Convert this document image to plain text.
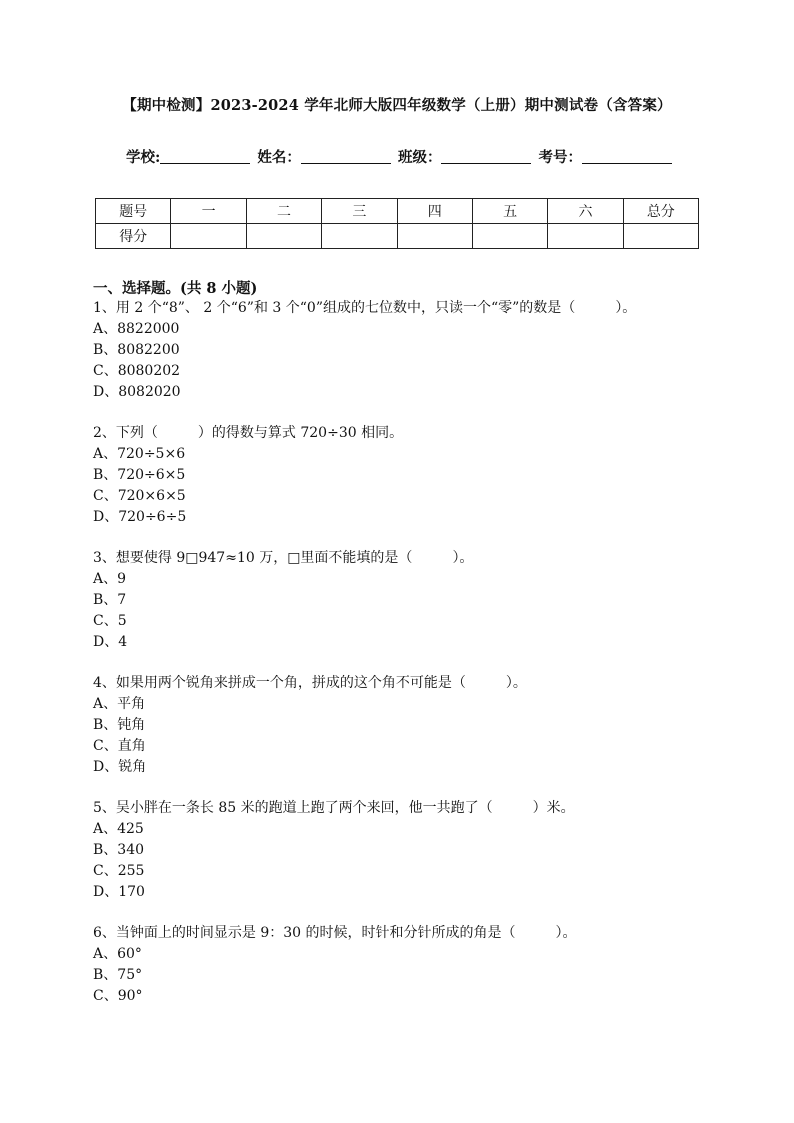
【期中检测】2023-2024 学年北师大版四年级数学（上册）期中测试卷（含答案）
学校:	姓名：	班级：	考号：
题号	一	二	三	四	五	六	总分
得分							
一、选择题。(共 8 小题)

1、用 2 个“8”、 2 个“6”和 3 个“0”组成的七位数中，只读一个“零”的数是（	）。

A、8822000

B、8082200

C、8080202

D、8082020

2、下列（	）的得数与算式 720÷30 相同。

A、720÷5×6

B、720÷6×5

C、720×6×5

D、720÷6÷5

3、想要使得 9□947≈10 万，□里面不能填的是（	）。

A、9

B、7

C、5

D、4

4、如果用两个锐角来拼成一个角，拼成的这个角不可能是（	）。

A、平角

B、钝角

C、直角

D、锐角

5、吴小胖在一条长 85 米的跑道上跑了两个来回，他一共跑了（	）米。

A、425

B、340

C、255

D、170

6、当钟面上的时间显示是 9：30 的时候，时针和分针所成的角是（	）。

A、60°

B、75°

C、90°
